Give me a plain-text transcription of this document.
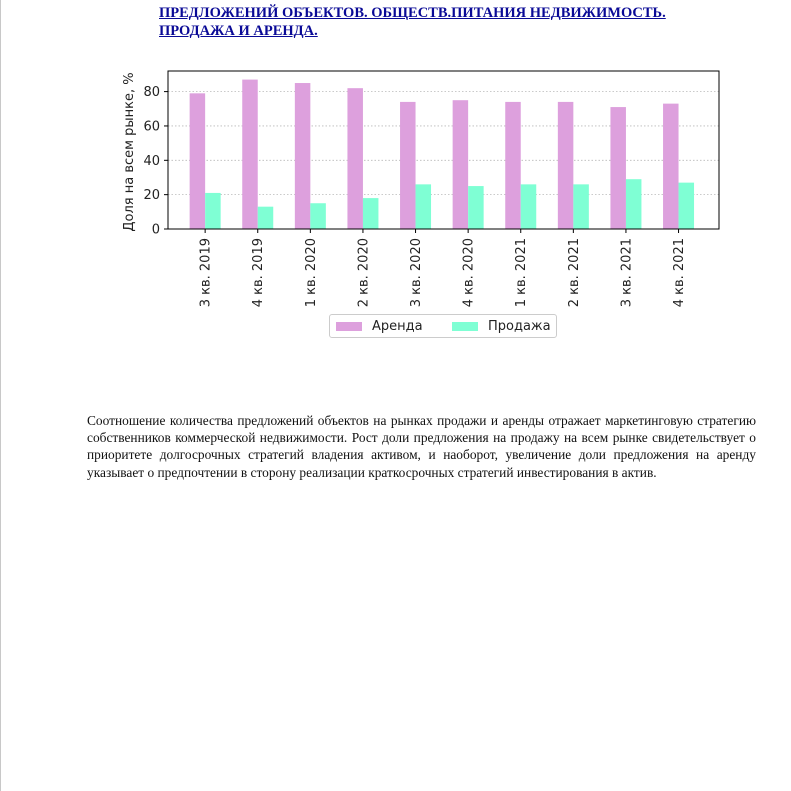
ПРЕДЛОЖЕНИЙ ОБЪЕКТОВ. ОБЩЕСТВ.ПИТАНИЯ НЕДВИЖИМОСТЬ.
ПРОДАЖА И АРЕНДА.
0
20
40
60
80
3 кв. 2019	4 кв. 2019	1 кв. 2020	2 кв. 2020	3 кв. 2020	4 кв. 2020	1 кв. 2021	2 кв. 2021	3 кв. 2021	4 кв. 2021
Доля на всем рынке, %
Аренда	Продажа

Соотношение количества предложений объектов на рынках продажи и аренды отражает маркетинговую стратегию собственников коммерческой недвижимости. Рост доли предложения на продажу на всем рынке свидетельствует о приоритете долгосрочных стратегий владения активом, и наоборот, увеличение доли предложения на аренду указывает о предпочтении в сторону реализации краткосрочных стратегий инвестирования в актив.
